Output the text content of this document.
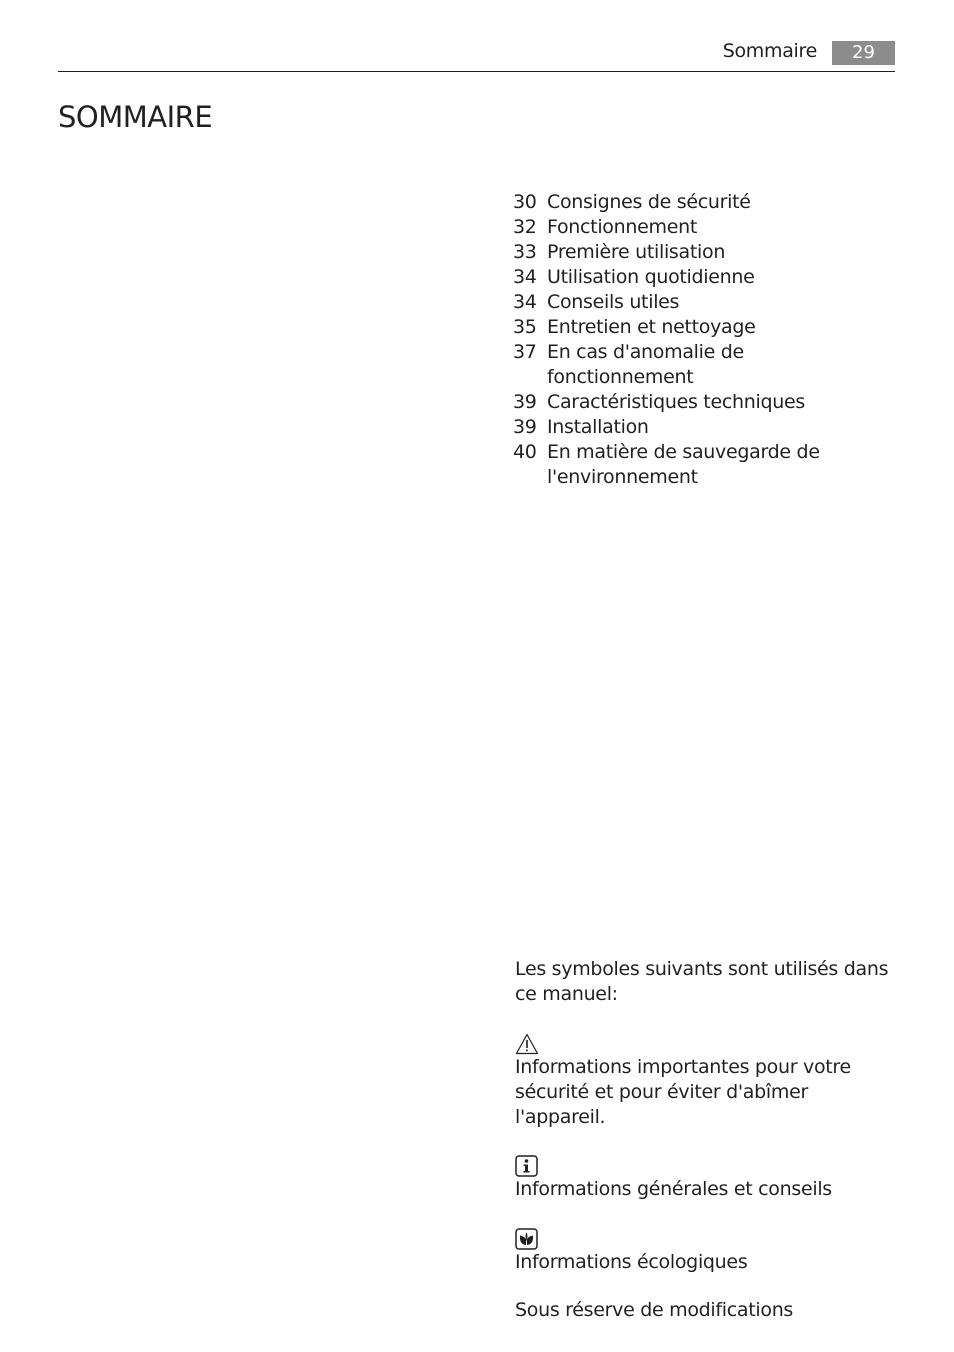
Sommaire	29
SOMMAIRE
30 Consignes de sécurité
32 Fonctionnement
33 Première utilisation
34 Utilisation quotidienne
34 Conseils utiles
35 Entretien et nettoyage
37 En cas d'anomalie de
fonctionnement
39 Caractéristiques techniques
39 Installation
40 En matière de sauvegarde de
l'environnement

Les symboles suivants sont utilisés dans ce manuel:

Informations importantes pour votre sécurité et pour éviter d'abîmer l'appareil.

Informations générales et conseils

Informations écologiques

Sous réserve de modifications
